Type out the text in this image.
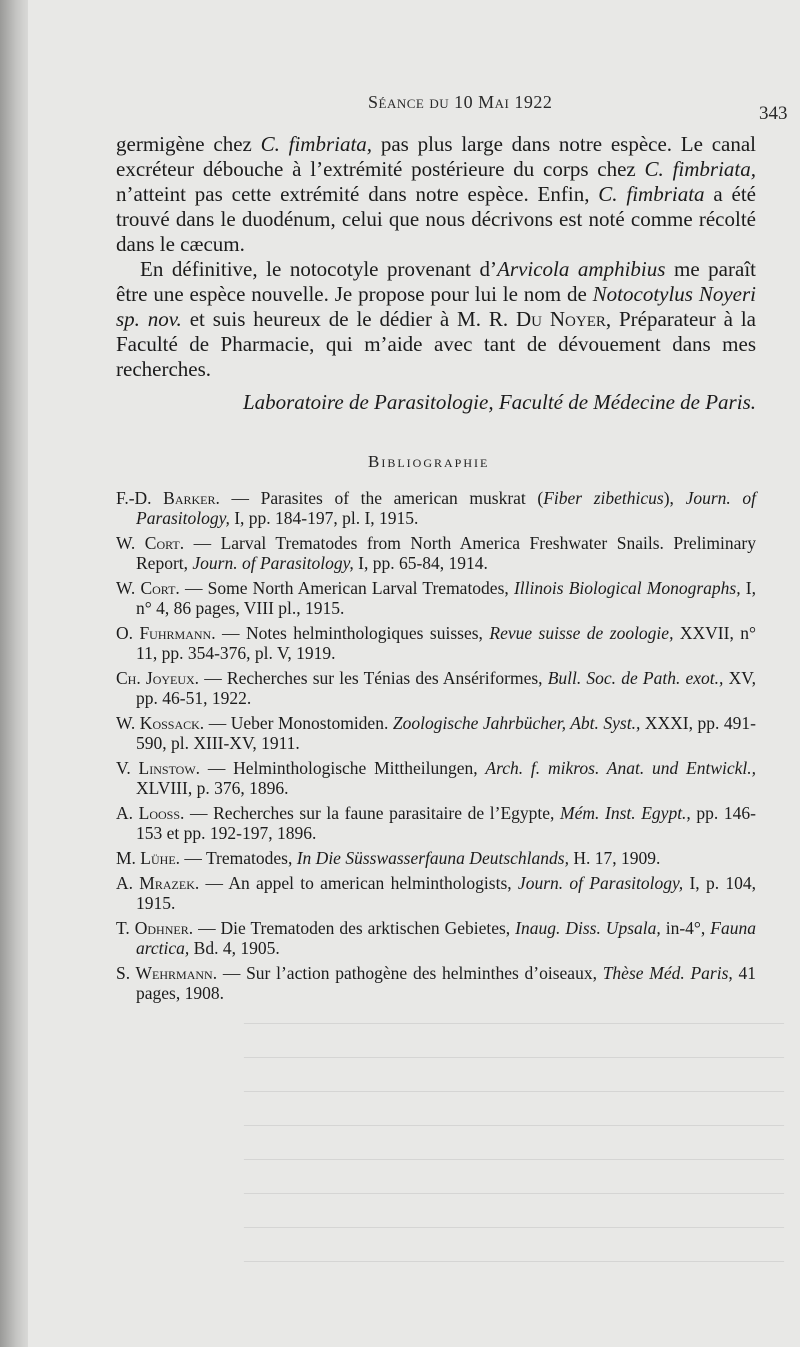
——————————————————————————————

——————————————————————————————

——————————————————————————————

——————————————————————————————

——————————————————————————————

——————————————————————————————

——————————————————————————————

——————————————————————————————

Séance du 10 Mai 1922
343

germigène chez C. fimbriata, pas plus large dans notre espèce. Le canal excréteur débouche à l’extrémité postérieure du corps chez C. fimbriata, n’atteint pas cette extrémité dans notre espèce. Enfin, C. fimbriata a été trouvé dans le duodénum, celui que nous décrivons est noté comme récolté dans le cæcum.

En définitive, le notocotyle provenant d’Arvicola amphibius me paraît être une espèce nouvelle. Je propose pour lui le nom de Notocotylus Noyeri sp. nov. et suis heureux de le dédier à M. R. Du Noyer, Préparateur à la Faculté de Pharmacie, qui m’aide avec tant de dévouement dans mes recherches.

Laboratoire de Parasitologie, Faculté de Médecine de Paris.

Bibliographie

F.-D. Barker. — Parasites of the american muskrat (Fiber zibethicus), Journ. of Parasitology, I, pp. 184-197, pl. I, 1915.

W. Cort. — Larval Trematodes from North America Freshwater Snails. Preliminary Report, Journ. of Parasitology, I, pp. 65-84, 1914.

W. Cort. — Some North American Larval Trematodes, Illinois Biological Monographs, I, n° 4, 86 pages, VIII pl., 1915.

O. Fuhrmann. — Notes helminthologiques suisses, Revue suisse de zoologie, XXVII, n° 11, pp. 354-376, pl. V, 1919.

Ch. Joyeux. — Recherches sur les Ténias des Ansériformes, Bull. Soc. de Path. exot., XV, pp. 46-51, 1922.

W. Kossack. — Ueber Monostomiden. Zoologische Jahrbücher, Abt. Syst., XXXI, pp. 491-590, pl. XIII-XV, 1911.

V. Linstow. — Helminthologische Mittheilungen, Arch. f. mikros. Anat. und Entwickl., XLVIII, p. 376, 1896.

A. Looss. — Recherches sur la faune parasitaire de l’Egypte, Mém. Inst. Egypt., pp. 146-153 et pp. 192-197, 1896.

M. Lühe. — Trematodes, In Die Süsswasserfauna Deutschlands, H. 17, 1909.

A. Mrazek. — An appel to american helminthologists, Journ. of Parasitology, I, p. 104, 1915.

T. Odhner. — Die Trematoden des arktischen Gebietes, Inaug. Diss. Upsala, in-4°, Fauna arctica, Bd. 4, 1905.

S. Wehrmann. — Sur l’action pathogène des helminthes d’oiseaux, Thèse Méd. Paris, 41 pages, 1908.
